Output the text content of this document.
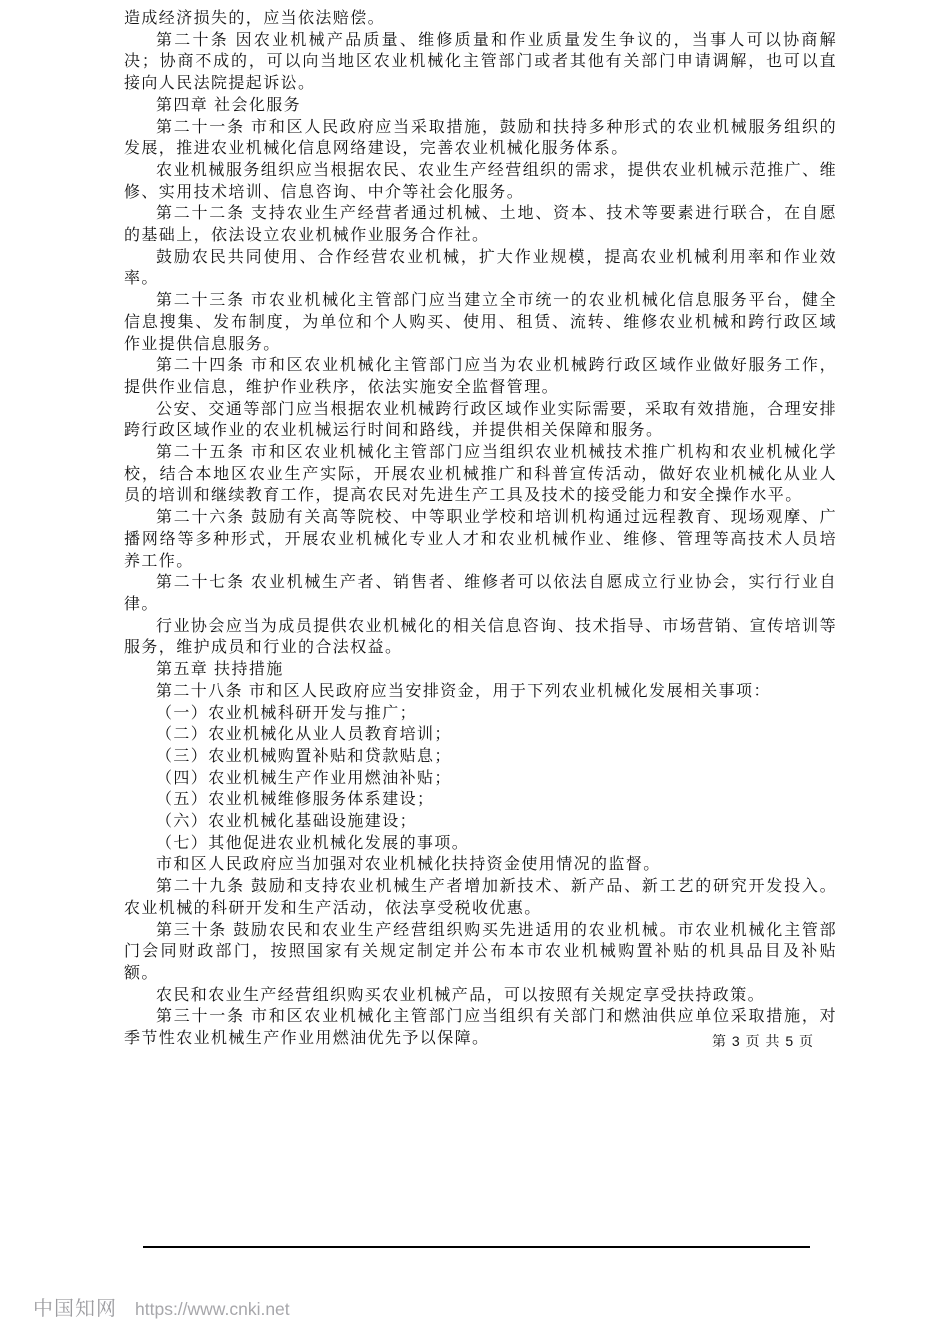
造成经济损失的，应当依法赔偿。

第二十条 因农业机械产品质量、维修质量和作业质量发生争议的，当事人可以协商解决；协商不成的，可以向当地区农业机械化主管部门或者其他有关部门申请调解，也可以直接向人民法院提起诉讼。

第四章 社会化服务

第二十一条 市和区人民政府应当采取措施，鼓励和扶持多种形式的农业机械服务组织的发展，推进农业机械化信息网络建设，完善农业机械化服务体系。

农业机械服务组织应当根据农民、农业生产经营组织的需求，提供农业机械示范推广、维修、实用技术培训、信息咨询、中介等社会化服务。

第二十二条 支持农业生产经营者通过机械、土地、资本、技术等要素进行联合，在自愿的基础上，依法设立农业机械作业服务合作社。

鼓励农民共同使用、合作经营农业机械，扩大作业规模，提高农业机械利用率和作业效率。

第二十三条 市农业机械化主管部门应当建立全市统一的农业机械化信息服务平台，健全信息搜集、发布制度，为单位和个人购买、使用、租赁、流转、维修农业机械和跨行政区域作业提供信息服务。

第二十四条 市和区农业机械化主管部门应当为农业机械跨行政区域作业做好服务工作，提供作业信息，维护作业秩序，依法实施安全监督管理。

公安、交通等部门应当根据农业机械跨行政区域作业实际需要，采取有效措施，合理安排跨行政区域作业的农业机械运行时间和路线，并提供相关保障和服务。

第二十五条 市和区农业机械化主管部门应当组织农业机械技术推广机构和农业机械化学校，结合本地区农业生产实际，开展农业机械推广和科普宣传活动，做好农业机械化从业人员的培训和继续教育工作，提高农民对先进生产工具及技术的接受能力和安全操作水平。

第二十六条 鼓励有关高等院校、中等职业学校和培训机构通过远程教育、现场观摩、广播网络等多种形式，开展农业机械化专业人才和农业机械作业、维修、管理等高技术人员培养工作。

第二十七条 农业机械生产者、销售者、维修者可以依法自愿成立行业协会，实行行业自律。

行业协会应当为成员提供农业机械化的相关信息咨询、技术指导、市场营销、宣传培训等服务，维护成员和行业的合法权益。

第五章 扶持措施

第二十八条 市和区人民政府应当安排资金，用于下列农业机械化发展相关事项：

（一）农业机械科研开发与推广；

（二）农业机械化从业人员教育培训；

（三）农业机械购置补贴和贷款贴息；

（四）农业机械生产作业用燃油补贴；

（五）农业机械维修服务体系建设；

（六）农业机械化基础设施建设；

（七）其他促进农业机械化发展的事项。

市和区人民政府应当加强对农业机械化扶持资金使用情况的监督。

第二十九条 鼓励和支持农业机械生产者增加新技术、新产品、新工艺的研究开发投入。农业机械的科研开发和生产活动，依法享受税收优惠。

第三十条 鼓励农民和农业生产经营组织购买先进适用的农业机械。市农业机械化主管部门会同财政部门，按照国家有关规定制定并公布本市农业机械购置补贴的机具品目及补贴额。

农民和农业生产经营组织购买农业机械产品，可以按照有关规定享受扶持政策。

第三十一条 市和区农业机械化主管部门应当组织有关部门和燃油供应单位采取措施，对季节性农业机械生产作业用燃油优先予以保障。	第 3 页 共 5 页
中国知网 https://www.cnki.net
